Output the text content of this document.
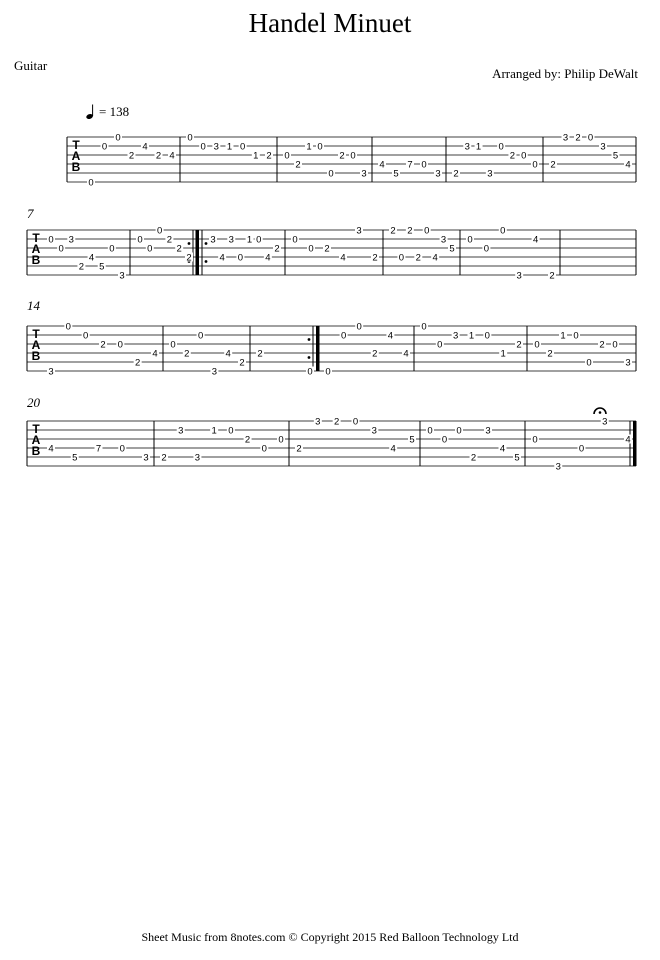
Handel Minuet
Guitar
Arranged by: Philip DeWalt
= 138
7
14
20
T
A
B
0
0
0
2
4
2 4
0
0 3 1 0
1 2 0
2
1 0
0
2 0
3
4
5
7 0
3 2
3 1
3
0
2 0
0 2
3 2 0
3
5
4
T
A
B
0
0
3
2
4
5
0
3
0
0
0
2
2
2
3
4
3
0
1 0
4
2
0
0 2
4
3
2
2
0
2
2
0
4
3
5
0
0
0
3
4
2
T
A
B
3
0
0
2 0
2
4
0
2
0
3
4
2
2
0 0
0
0
2
4
4
0
0
3 1 0
1
2 0
2
1 0
0
2 0
3
T
A
B 4
5
7 0
3 2
3
3
1 0
2
0
0
2
3 2 0
3
4
5
0
0
0
2
3
4
5
0
3
0
3
4
Sheet Music from 8notes.com © Copyright 2015 Red Balloon Technology Ltd
